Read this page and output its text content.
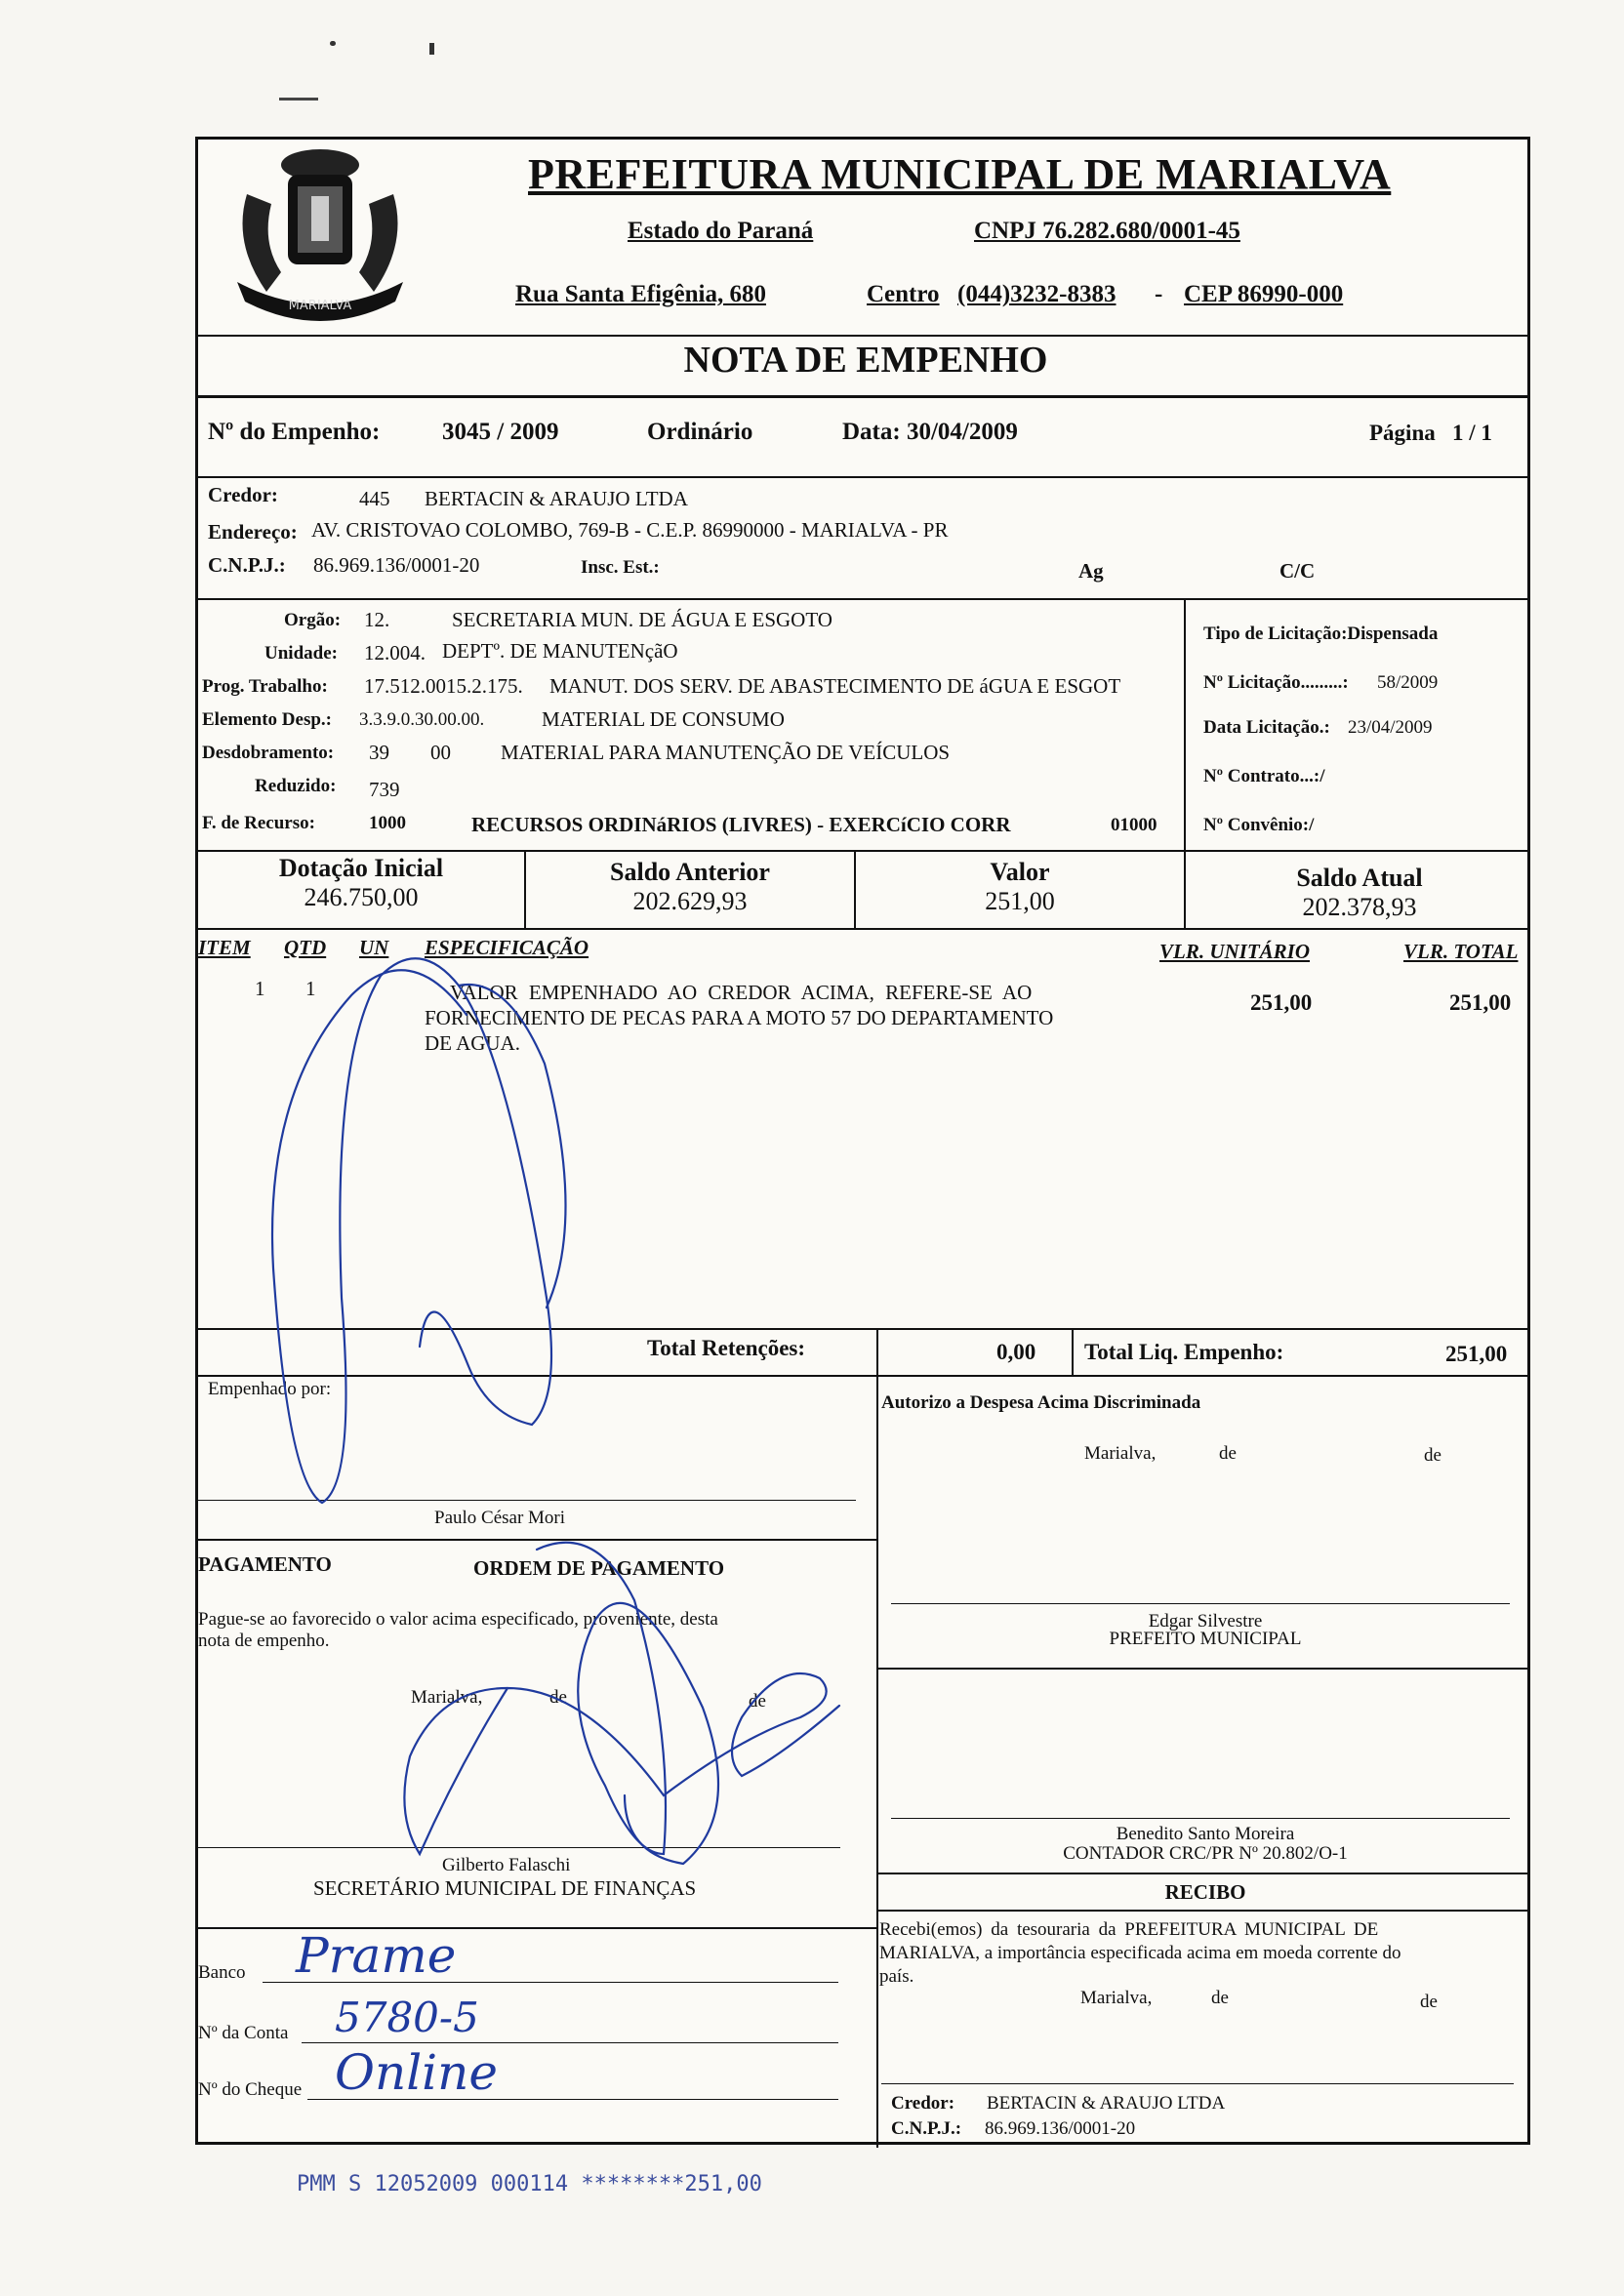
MARIALVA
PREFEITURA MUNICIPAL DE MARIALVA
Estado do Paraná	CNPJ 76.282.680/0001-45
Rua Santa Efigênia, 680	Centro (044)3232-8383 - CEP 86990-000
NOTA DE EMPENHO
Nº do Empenho:	3045 / 2009	Ordinário	Data: 30/04/2009	Página 1 / 1
Credor:	445 BERTACIN & ARAUJO LTDA
Endereço: AV. CRISTOVAO COLOMBO, 769-B - C.E.P. 86990000 - MARIALVA - PR
C.N.P.J.: 86.969.136/0001-20	Insc. Est.:	Ag	C/C
Orgão: 12.	SECRETARIA MUN. DE ÁGUA E ESGOTO
Unidade: 12.004. DEPTº. DE MANUTENçãO
Prog. Trabalho: 17.512.0015.2.175. MANUT. DOS SERV. DE ABASTECIMENTO DE áGUA E ESGOT
Elemento Desp.: 3.3.9.0.30.00.00.	MATERIAL DE CONSUMO
Desdobramento: 39 00 MATERIAL PARA MANUTENÇÃO DE VEÍCULOS
Reduzido: 739
F. de Recurso:	1000	RECURSOS ORDINáRIOS (LIVRES) - EXERCíCIO CORR	01000
Tipo de Licitação:Dispensada
Nº Licitação.........: 58/2009
Data Licitação.: 23/04/2009
Nº Contrato...:/
Nº Convênio:/
Dotação Inicial
246.750,00
Saldo Anterior
202.629,93
Valor
251,00
Saldo Atual
202.378,93
ITEM QTD UN ESPECIFICAÇÃO	VLR. UNITÁRIO	VLR. TOTAL
1 1	VALOR EMPENHADO AO CREDOR ACIMA, REFERE-SE AO
FORNECIMENTO DE PECAS PARA A MOTO 57 DO DEPARTAMENTO
DE AGUA.
251,00	251,00
Total Retenções:	0,00 Total Liq. Empenho:	251,00
Empenhado por:
Paulo César Mori
PAGAMENTO	ORDEM DE PAGAMENTO
Pague-se ao favorecido o valor acima especificado, proveniente, desta
nota de empenho.
Marialva,	de	de
Gilberto Falaschi
SECRETÁRIO MUNICIPAL DE FINANÇAS
Banco Prame
Nº da Conta 5780-5
Nº do Cheque Online
Autorizo a Despesa Acima Discriminada
Marialva,	de	de
Edgar Silvestre
PREFEITO MUNICIPAL
Benedito Santo Moreira
CONTADOR CRC/PR Nº 20.802/O-1
RECIBO
Recebi(emos) da tesouraria da PREFEITURA MUNICIPAL DE
MARIALVA, a importância especificada acima em moeda corrente do
país.
Marialva,	de	de
Credor: BERTACIN & ARAUJO LTDA
C.N.P.J.: 86.969.136/0001-20
PMM S 12052009 000114 ********251,00
